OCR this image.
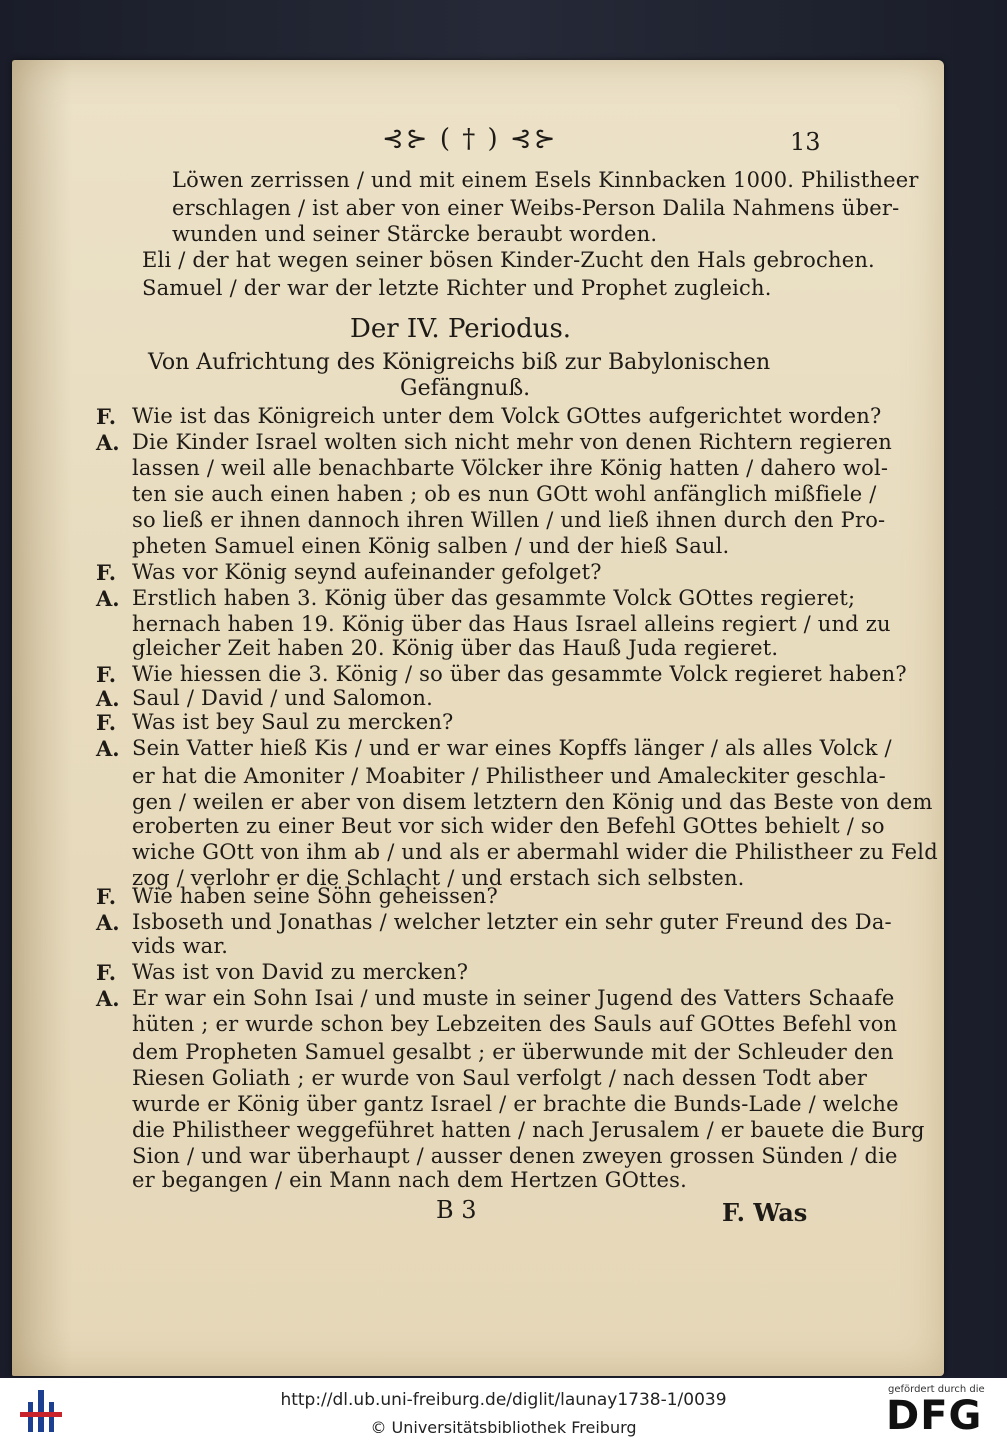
⊰⊱ ( † ) ⊰⊱	13
Löwen zerrissen / und mit einem Esels Kinnbacken 1000. Philistheer
erschlagen / ist aber von einer Weibs-Person Dalila Nahmens über-
wunden und seiner Stärcke beraubt worden.
Eli / der hat wegen seiner bösen Kinder-Zucht den Hals gebrochen.
Samuel / der war der letzte Richter und Prophet zugleich.
Der IV. Periodus.
Von Aufrichtung des Königreichs biß zur Babylonischen
Gefängnuß.
F. Wie ist das Königreich unter dem Volck GOttes aufgerichtet worden?
A. Die Kinder Israel wolten sich nicht mehr von denen Richtern regieren
lassen / weil alle benachbarte Völcker ihre König hatten / dahero wol-
ten sie auch einen haben ; ob es nun GOtt wohl anfänglich mißfiele /
so ließ er ihnen dannoch ihren Willen / und ließ ihnen durch den Pro-
pheten Samuel einen König salben / und der hieß Saul.
F. Was vor König seynd aufeinander gefolget?
A. Erstlich haben 3. König über das gesammte Volck GOttes regieret;
hernach haben 19. König über das Haus Israel alleins regiert / und zu
gleicher Zeit haben 20. König über das Hauß Juda regieret.
F. Wie hiessen die 3. König / so über das gesammte Volck regieret haben?
A. Saul / David / und Salomon.
F. Was ist bey Saul zu mercken?
A. Sein Vatter hieß Kis / und er war eines Kopffs länger / als alles Volck /
er hat die Amoniter / Moabiter / Philistheer und Amaleckiter geschla-
gen / weilen er aber von disem letztern den König und das Beste von dem
eroberten zu einer Beut vor sich wider den Befehl GOttes behielt / so
wiche GOtt von ihm ab / und als er abermahl wider die Philistheer zu Feld
zog / verlohr er die Schlacht / und erstach sich selbsten.
F. Wie haben seine Söhn geheissen?
A. Isboseth und Jonathas / welcher letzter ein sehr guter Freund des Da-
vids war.
F. Was ist von David zu mercken?
A. Er war ein Sohn Isai / und muste in seiner Jugend des Vatters Schaafe
hüten ; er wurde schon bey Lebzeiten des Sauls auf GOttes Befehl von
dem Propheten Samuel gesalbt ; er überwunde mit der Schleuder den
Riesen Goliath ; er wurde von Saul verfolgt / nach dessen Todt aber
wurde er König über gantz Israel / er brachte die Bunds-Lade / welche
die Philistheer weggeführet hatten / nach Jerusalem / er bauete die Burg
Sion / und war überhaupt / ausser denen zweyen grossen Sünden / die
er begangen / ein Mann nach dem Hertzen GOttes.
B 3	F. Was
http://dl.ub.uni-freiburg.de/diglit/launay1738-1/0039
© Universitätsbibliothek Freiburg
gefördert durch die
DFG
